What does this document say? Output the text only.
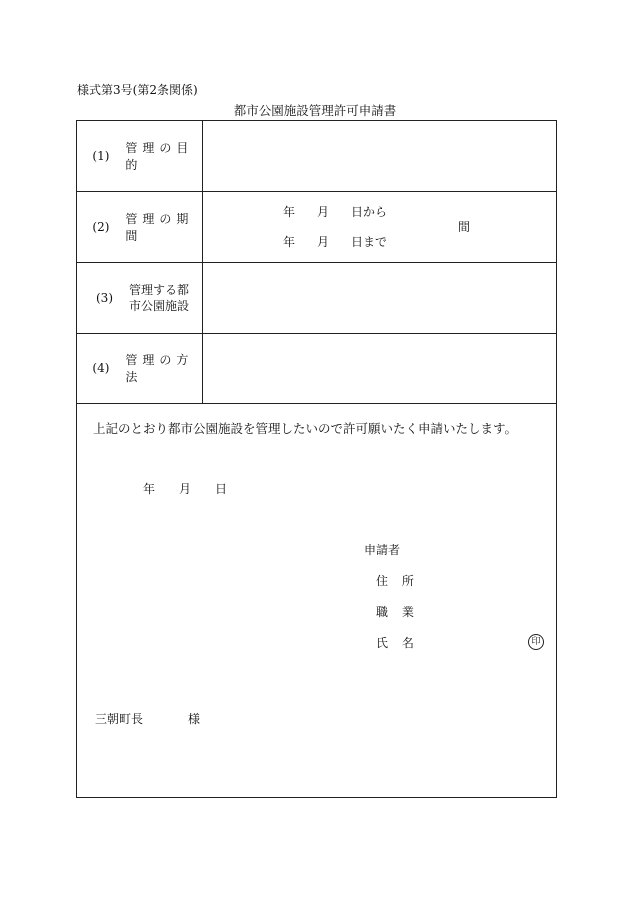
様式第3号(第2条関係)
都市公園施設管理許可申請書
(1)
管理の目的
(2)
管理の期間
年 月 日から
年 月 日まで
間
(3)
管理する都市公園施設
(4)
管理の方法
上記のとおり都市公園施設を管理したいので許可願いたく申請いたします。
年 月 日
申請者
住 所
職 業
氏 名	印
三朝町長	様
